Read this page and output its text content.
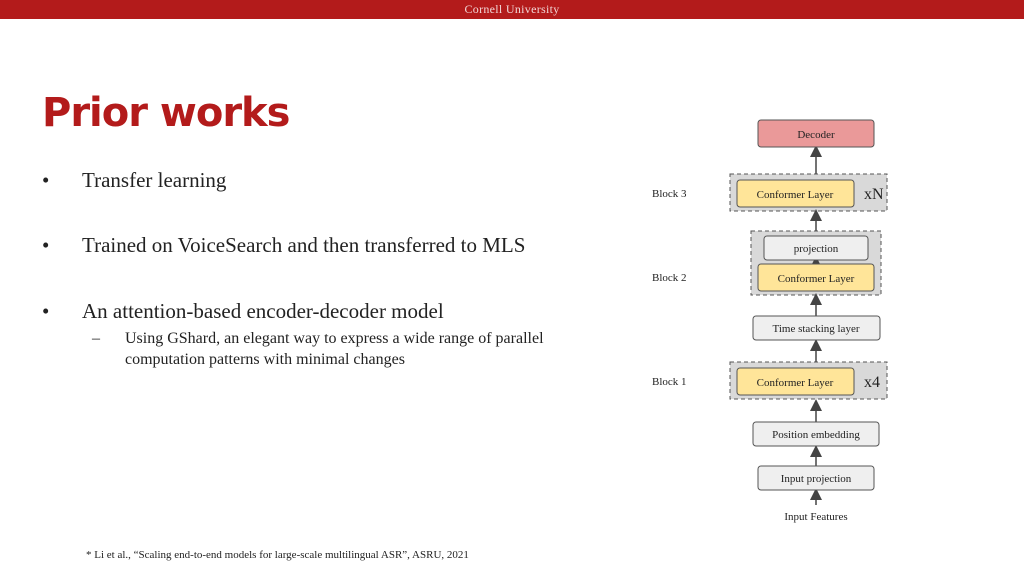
Cornell University
Prior works
• Transfer learning
• Trained on VoiceSearch and then transferred to MLS
• An attention-based encoder-decoder model
– Using GShard, an elegant way to express a wide range of parallel computation patterns with minimal changes
* Li et al., “Scaling end-to-end models for large-scale multilingual ASR”, ASRU, 2021
Decoder
Block 3	Conformer Layer xN
projection
Block 2	Conformer Layer
Time stacking layer
Block 1	Conformer Layer x4
Position embedding
Input projection
Input Features
